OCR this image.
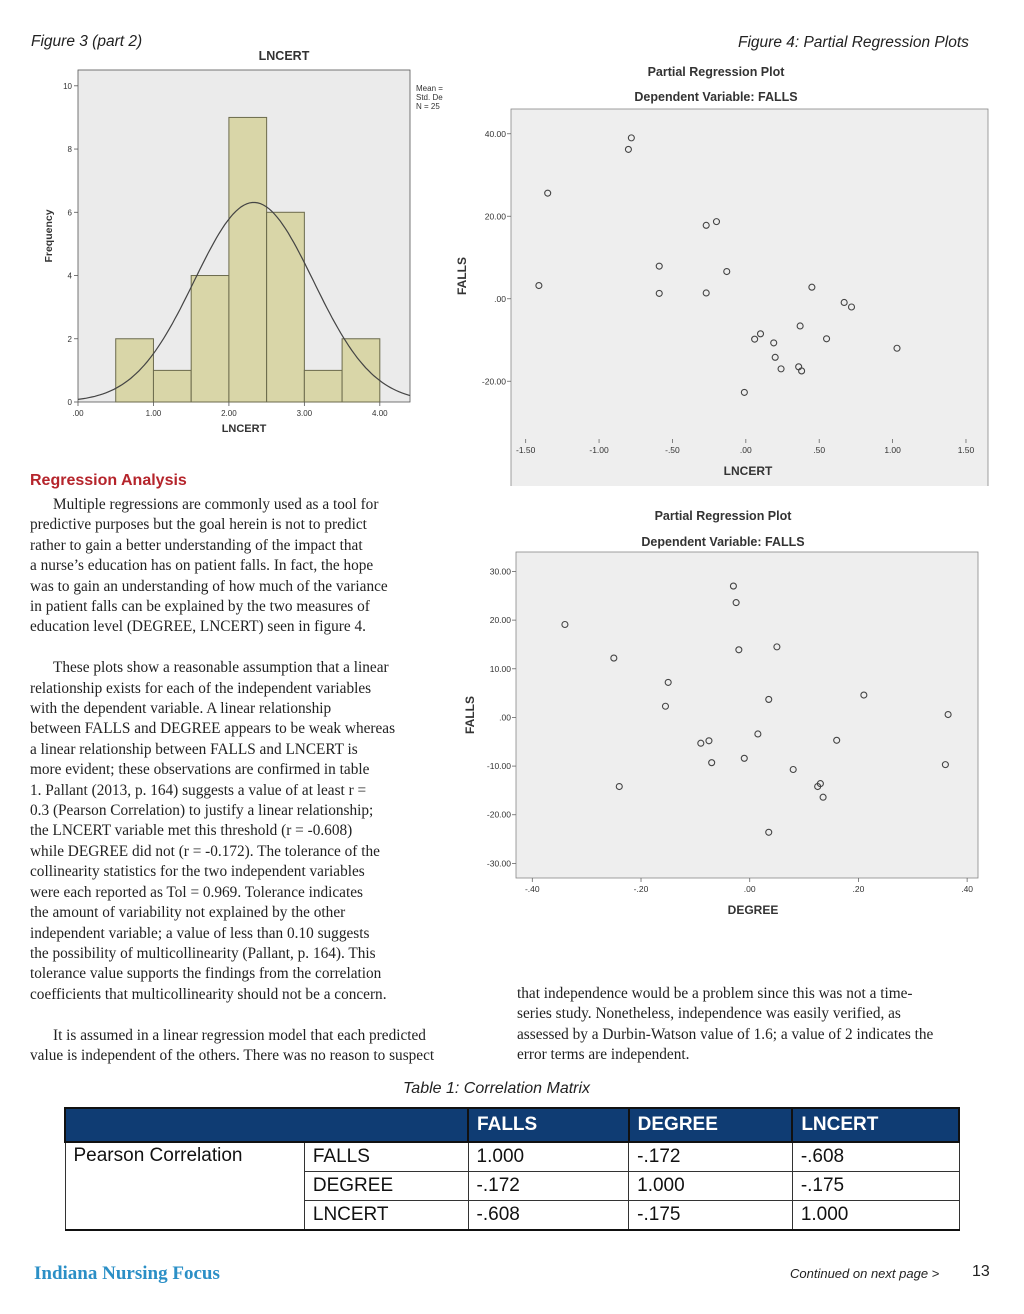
Figure 3 (part 2)	Figure 4: Partial Regression Plots
.00	1.00	2.00	3.00	4.00
0
2
4
6
8
10
LNCERT
LNCERT
Frequency
Mean =
Std. De
N = 25
Partial Regression Plot
Dependent Variable: FALLS
-1.50	-1.00	-.50	.00	.50	1.00	1.50
40.00
20.00
.00
-20.00
LNCERT
FALLS
Partial Regression Plot
Dependent Variable: FALLS
-.40	-.20	.00	.20	.40
30.00
20.00
10.00
.00
-10.00
-20.00
-30.00
DEGREE
FALLS
Regression Analysis

Multiple regressions are commonly used as a tool for
predictive purposes but the goal herein is not to predict
rather to gain a better understanding of the impact that
a nurse’s education has on patient falls. In fact, the hope
was to gain an understanding of how much of the variance
in patient falls can be explained by the two measures of
education level (DEGREE, LNCERT) seen in figure 4.
These plots show a reasonable assumption that a linear
relationship exists for each of the independent variables
with the dependent variable. A linear relationship
between FALLS and DEGREE appears to be weak whereas
a linear relationship between FALLS and LNCERT is
more evident; these observations are confirmed in table
1. Pallant (2013, p. 164) suggests a value of at least r =
0.3 (Pearson Correlation) to justify a linear relationship;
the LNCERT variable met this threshold (r = -0.608)
while DEGREE did not (r = -0.172). The tolerance of the
collinearity statistics for the two independent variables
were each reported as Tol = 0.969. Tolerance indicates
the amount of variability not explained by the other
independent variable; a value of less than 0.10 suggests
the possibility of multicollinearity (Pallant, p. 164). This
tolerance value supports the findings from the correlation
coefficients that multicollinearity should not be a concern.
It is assumed in a linear regression model that each predicted
value is independent of the others. There was no reason to suspect

that independence would be a problem since this was not a time-
series study. Nonetheless, independence was easily verified, as
assessed by a Durbin-Watson value of 1.6; a value of 2 indicates the
error terms are independent.

Table 1: Correlation Matrix
		FALLS	DEGREE	LNCERT
Pearson Correlation	FALLS	1.000	-.172	-.608
	DEGREE	-.172	1.000	-.175
	LNCERT	-.608	-.175	1.000
Indiana Nursing Focus	Continued on next page > 13
